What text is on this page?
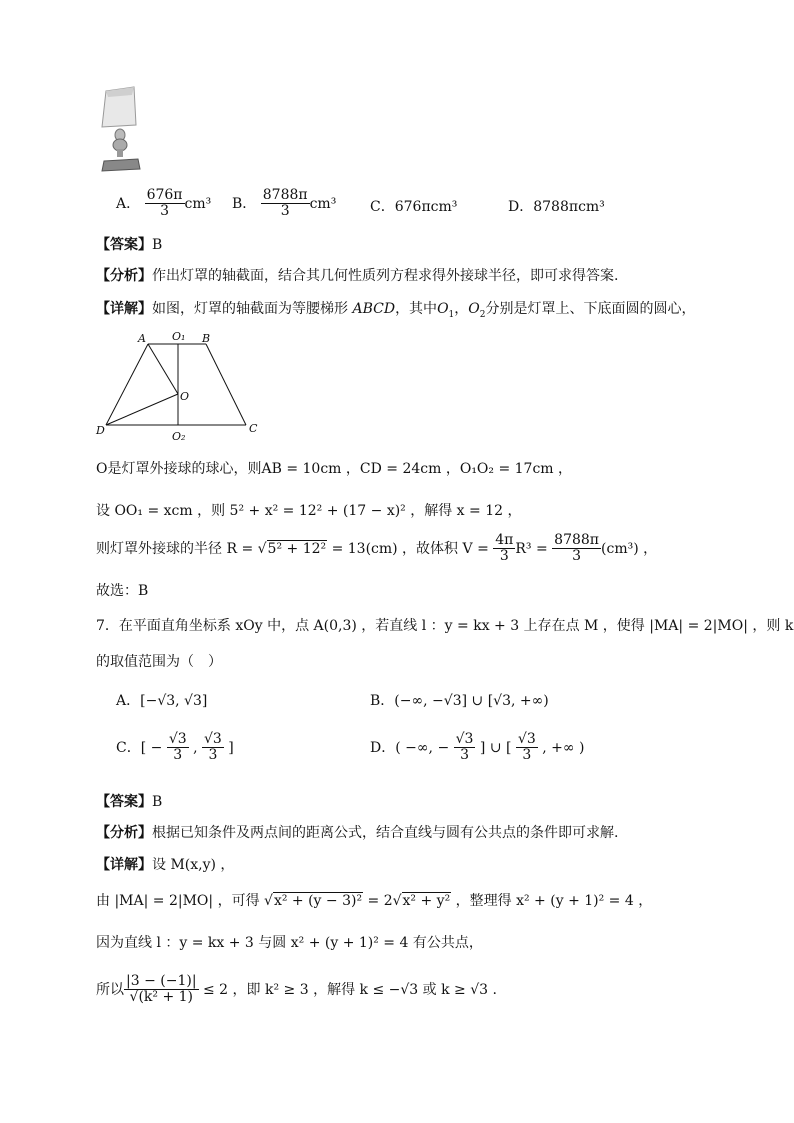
A． $\frac{676\pi}{3} cm^3$ B． $\frac{8788\pi}{3} cm^3$ C．676πcm³	D．8788πcm³
【答案】B
【分析】作出灯罩的轴截面，结合其几何性质列方程求得外接球半径，即可求得答案.
【详解】如图，灯罩的轴截面为等腰梯形 ABCD，其中$O_1$，$O_2$分别是灯罩上、下底面圆的圆心，
A O₁ B
O
D	O₂
C
O是灯罩外接球的球心，则AB = 10cm ，CD = 24cm ，O₁O₂ = 17cm ，
设 OO₁ = xcm ，则 5² + x² = 12² + (17 − x)² ，解得 x = 12 ，
则灯罩外接球的半径 R = √5² + 12² = 13(cm) ，故体积 $V = \frac{4\pi}{3} R^3 = \frac{8788\pi}{3} (cm^3)$ ，
故选：B
7．在平面直角坐标系 xOy 中，点 A(0,3) ，若直线 l ：y = kx + 3 上存在点 M ，使得 |MA| = 2|MO| ，则 k
的取值范围为（　）
A．[−√3, √3]	B．(−∞, −√3] ∪ [√3, +∞)
C．[ − $\frac{√3}{3}$ , $\frac{√3}{3}$ ]	D．( −∞, − $\frac{√3}{3}$ ] ∪ [ $\frac{√3}{3}$ , +∞ )
【答案】B
【分析】根据已知条件及两点间的距离公式，结合直线与圆有公共点的条件即可求解.
【详解】设 M(x,y) ，
由 |MA| = 2|MO| ，可得 √x² + (y − 3)² = 2√x² + y² ，整理得 x² + (y + 1)² = 4 ，
因为直线 l ：y = kx + 3 与圆 x² + (y + 1)² = 4 有公共点，
所以 $\frac{|3 - (-1)|}{\text{√(k² + 1)}} \le 2$ ，即 k² ≥ 3 ，解得 k ≤ −√3 或 k ≥ √3 .
